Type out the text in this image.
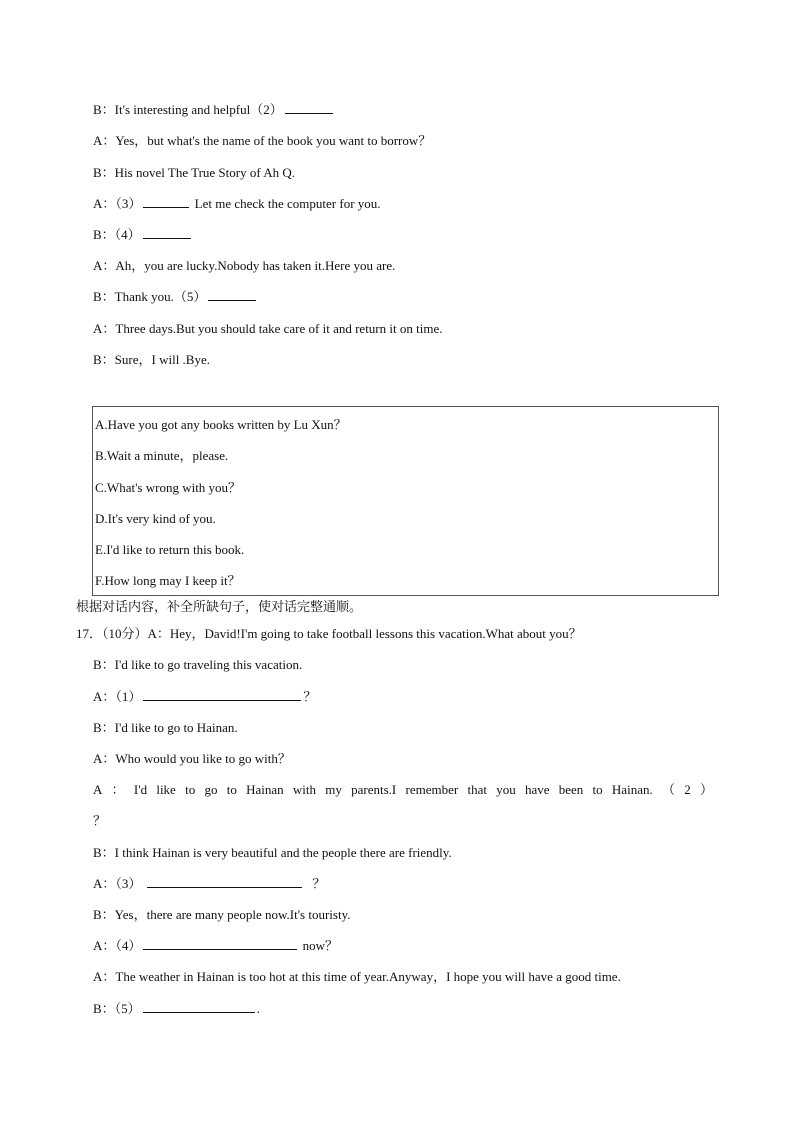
B：It's interesting and helpful（2）
A：Yes，but what's the name of the book you want to borrow？
B：His novel The True Story of Ah Q.
A：（3）	Let me check the computer for you.
B：（4）
A：Ah，you are lucky.Nobody has taken it.Here you are.
B：Thank you.（5）
A：Three days.But you should take care of it and return it on time.
B：Sure，I will .Bye.
A.Have you got any books written by Lu Xun？
B.Wait a minute，please.
C.What's wrong with you？
D.It's very kind of you.
E.I'd like to return this book.
F.How long may I keep it？
根据对话内容，补全所缺句子，使对话完整通顺。
17．（10分）A：Hey，David!I'm going to take football lessons this vacation.What about you？
B：I'd like to go traveling this vacation.
A：（1）	？
B：I'd like to go to Hainan.
A：Who would you like to go with？
A ： I'd like to go to Hainan with my parents.I remember that you have been to Hainan. （ 2 ）
？
B：I think Hainan is very beautiful and the people there are friendly.
A：（3）	？
B：Yes，there are many people now.It's touristy.
A：（4）	now？
A：The weather in Hainan is too hot at this time of year.Anyway，I hope you will have a good time.
B：（5）	.
